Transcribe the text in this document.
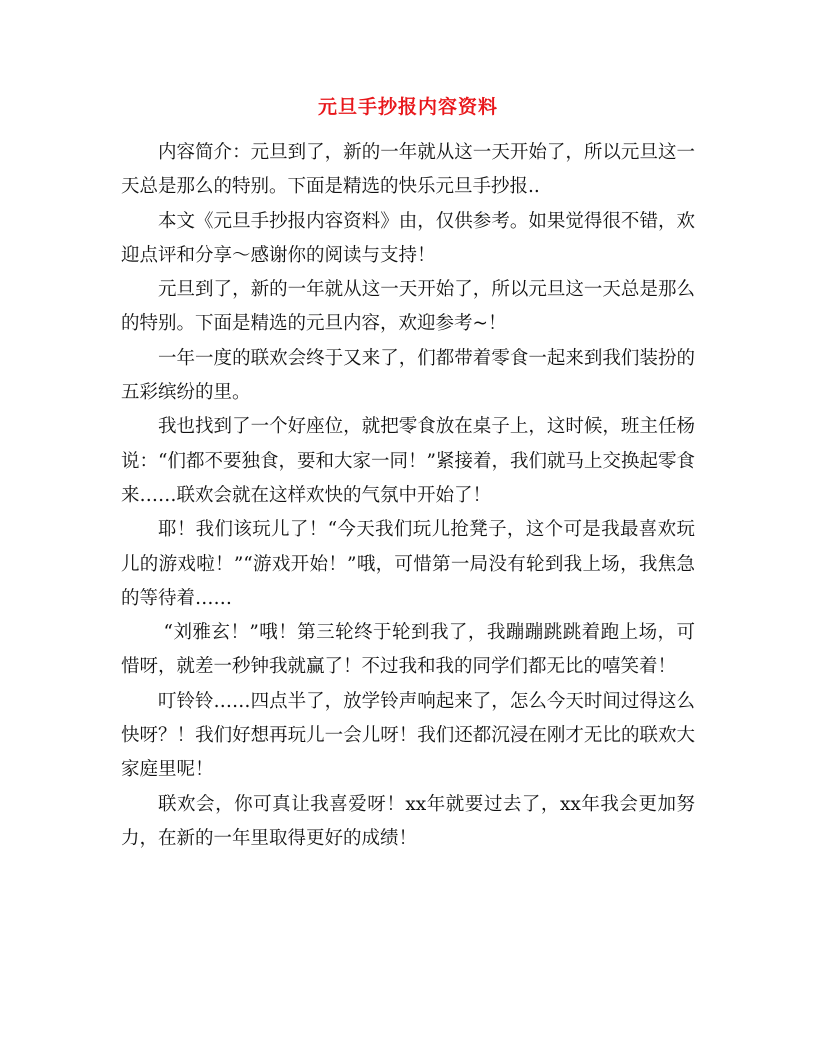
元旦手抄报内容资料

内容简介：元旦到了，新的一年就从这一天开始了，所以元旦这一天总是那么的特别。下面是精选的快乐元旦手抄报..

本文《元旦手抄报内容资料》由，仅供参考。如果觉得很不错，欢迎点评和分享～感谢你的阅读与支持！

元旦到了，新的一年就从这一天开始了，所以元旦这一天总是那么的特别。下面是精选的元旦内容，欢迎参考~！

一年一度的联欢会终于又来了，们都带着零食一起来到我们装扮的五彩缤纷的里。

我也找到了一个好座位，就把零食放在桌子上，这时候，班主任杨说：“们都不要独食，要和大家一同！”紧接着，我们就马上交换起零食来……联欢会就在这样欢快的气氛中开始了！

耶！我们该玩儿了！“今天我们玩儿抢凳子，这个可是我最喜欢玩儿的游戏啦！”“游戏开始！”哦，可惜第一局没有轮到我上场，我焦急的等待着……

“刘雅玄！”哦！第三轮终于轮到我了，我蹦蹦跳跳着跑上场，可惜呀，就差一秒钟我就赢了！不过我和我的同学们都无比的嘻笑着！

叮铃铃……四点半了，放学铃声响起来了，怎么今天时间过得这么快呀？！我们好想再玩儿一会儿呀！我们还都沉浸在刚才无比的联欢大家庭里呢！

联欢会，你可真让我喜爱呀！xx年就要过去了，xx年我会更加努力，在新的一年里取得更好的成绩！
